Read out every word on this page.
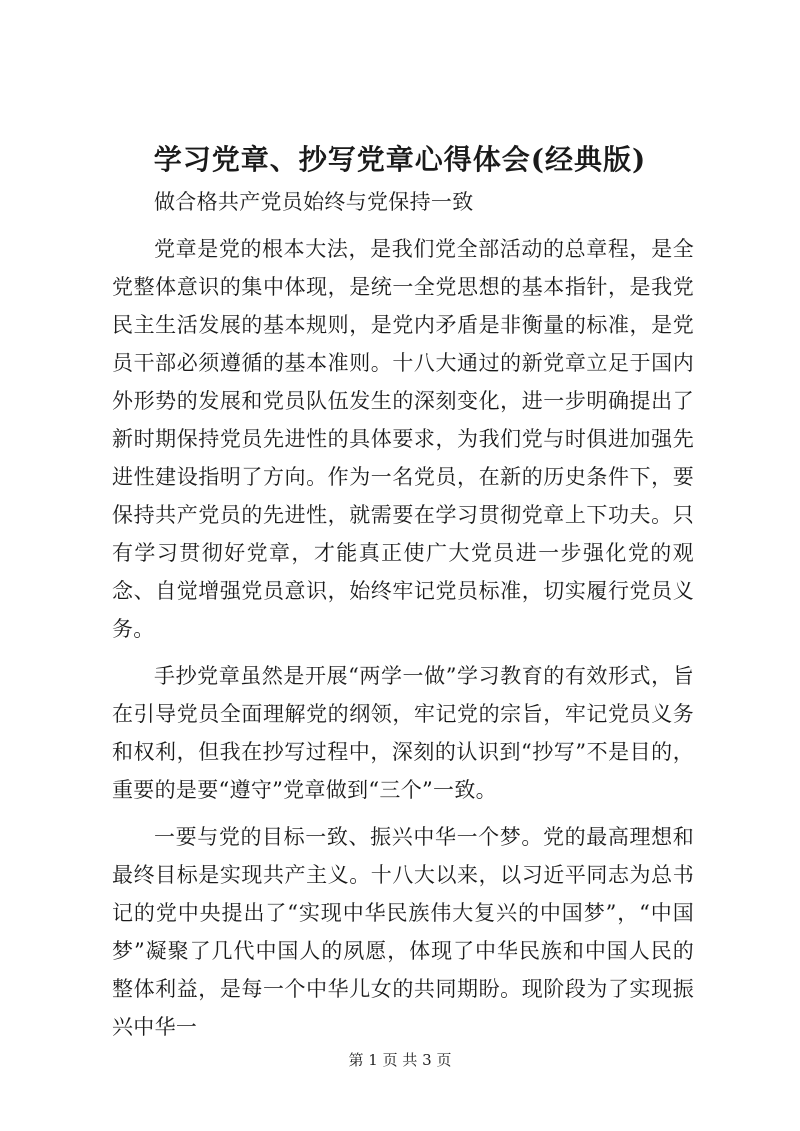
学习党章、抄写党章心得体会(经典版)

做合格共产党员始终与党保持一致

党章是党的根本大法，是我们党全部活动的总章程，是全党整体意识的集中体现，是统一全党思想的基本指针，是我党民主生活发展的基本规则，是党内矛盾是非衡量的标准，是党员干部必须遵循的基本准则。十八大通过的新党章立足于国内外形势的发展和党员队伍发生的深刻变化，进一步明确提出了新时期保持党员先进性的具体要求，为我们党与时俱进加强先进性建设指明了方向。作为一名党员，在新的历史条件下，要保持共产党员的先进性，就需要在学习贯彻党章上下功夫。只有学习贯彻好党章，才能真正使广大党员进一步强化党的观念、自觉增强党员意识，始终牢记党员标准，切实履行党员义务。

手抄党章虽然是开展“两学一做”学习教育的有效形式，旨在引导党员全面理解党的纲领，牢记党的宗旨，牢记党员义务和权利，但我在抄写过程中，深刻的认识到“抄写”不是目的，重要的是要“遵守”党章做到“三个”一致。

一要与党的目标一致、振兴中华一个梦。党的最高理想和最终目标是实现共产主义。十八大以来，以习近平同志为总书记的党中央提出了“实现中华民族伟大复兴的中国梦”，“中国梦”凝聚了几代中国人的夙愿，体现了中华民族和中国人民的整体利益，是每一个中华儿女的共同期盼。现阶段为了实现振兴中华一

第 1 页 共 3 页
